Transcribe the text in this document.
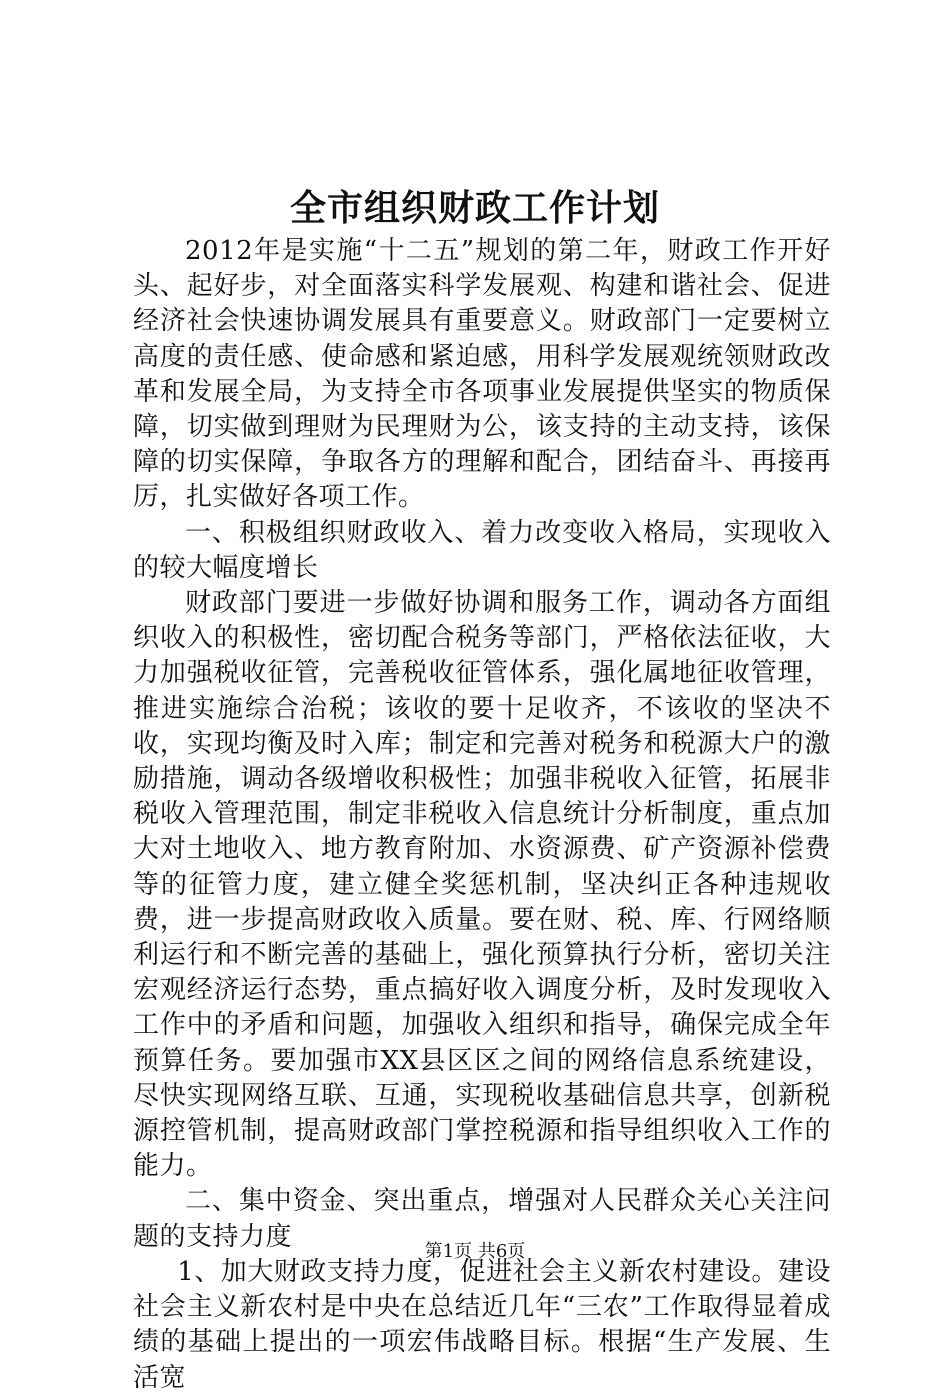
全市组织财政工作计划

2012年是实施“十二五”规划的第二年，财政工作开好头、起好步，对全面落实科学发展观、构建和谐社会、促进经济社会快速协调发展具有重要意义。财政部门一定要树立高度的责任感、使命感和紧迫感，用科学发展观统领财政改革和发展全局，为支持全市各项事业发展提供坚实的物质保障，切实做到理财为民理财为公，该支持的主动支持，该保障的切实保障，争取各方的理解和配合，团结奋斗、再接再厉，扎实做好各项工作。

一、积极组织财政收入、着力改变收入格局，实现收入的较大幅度增长

财政部门要进一步做好协调和服务工作，调动各方面组织收入的积极性，密切配合税务等部门，严格依法征收，大力加强税收征管，完善税收征管体系，强化属地征收管理，推进实施综合治税；该收的要十足收齐，不该收的坚决不收，实现均衡及时入库；制定和完善对税务和税源大户的激励措施，调动各级增收积极性；加强非税收入征管，拓展非税收入管理范围，制定非税收入信息统计分析制度，重点加大对土地收入、地方教育附加、水资源费、矿产资源补偿费等的征管力度，建立健全奖惩机制，坚决纠正各种违规收费，进一步提高财政收入质量。要在财、税、库、行网络顺利运行和不断完善的基础上，强化预算执行分析，密切关注宏观经济运行态势，重点搞好收入调度分析，及时发现收入工作中的矛盾和问题，加强收入组织和指导，确保完成全年预算任务。要加强市XX县区区之间的网络信息系统建设，尽快实现网络互联、互通，实现税收基础信息共享，创新税源控管机制，提高财政部门掌控税源和指导组织收入工作的能力。

二、集中资金、突出重点，增强对人民群众关心关注问题的支持力度

1、加大财政支持力度，促进社会主义新农村建设。建设社会主义新农村是中央在总结近几年“三农”工作取得显着成绩的基础上提出的一项宏伟战略目标。根据“生产发展、生活宽

第1页 共6页
